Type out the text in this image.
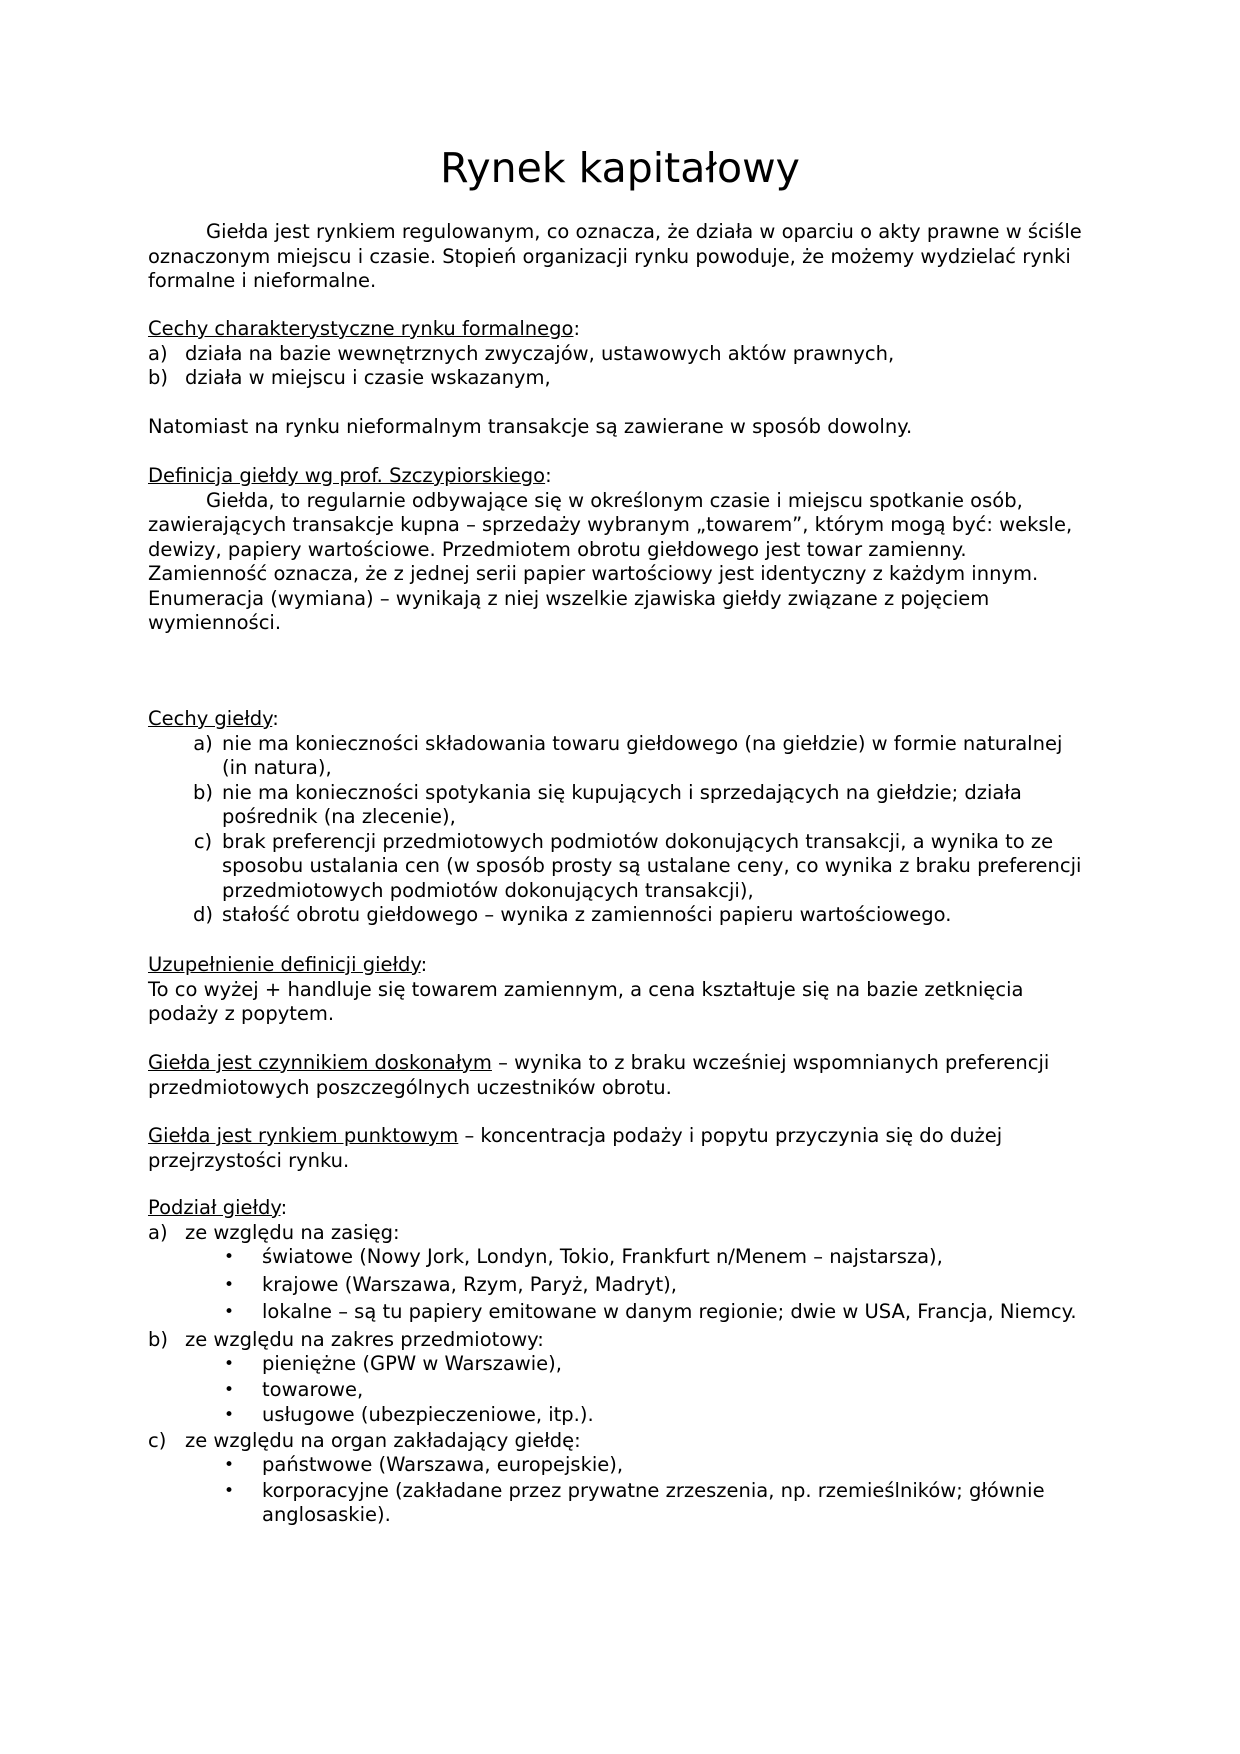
Rynek kapitałowy

Giełda jest rynkiem regulowanym, co oznacza, że działa w oparciu o akty prawne w ściśle oznaczonym miejscu i czasie. Stopień organizacji rynku powoduje, że możemy wydzielać rynki formalne i nieformalne.

Cechy charakterystyczne rynku formalnego:

a) działa na bazie wewnętrznych zwyczajów, ustawowych aktów prawnych,
b) działa w miejscu i czasie wskazanym,

Natomiast na rynku nieformalnym transakcje są zawierane w sposób dowolny.

Definicja giełdy wg prof. Szczypiorskiego:

Giełda, to regularnie odbywające się w określonym czasie i miejscu spotkanie osób, zawierających transakcje kupna – sprzedaży wybranym „towarem”, którym mogą być: weksle, dewizy, papiery wartościowe. Przedmiotem obrotu giełdowego jest towar zamienny.

Zamienność oznacza, że z jednej serii papier wartościowy jest identyczny z każdym innym.

Enumeracja (wymiana) – wynikają z niej wszelkie zjawiska giełdy związane z pojęciem wymienności.

Cechy giełdy:

a) nie ma konieczności składowania towaru giełdowego (na giełdzie) w formie naturalnej (in natura),
b) nie ma konieczności spotykania się kupujących i sprzedających na giełdzie; działa pośrednik (na zlecenie),
c) brak preferencji przedmiotowych podmiotów dokonujących transakcji, a wynika to ze sposobu ustalania cen (w sposób prosty są ustalane ceny, co wynika z braku preferencji przedmiotowych podmiotów dokonujących transakcji),
d) stałość obrotu giełdowego – wynika z zamienności papieru wartościowego.

Uzupełnienie definicji giełdy:

To co wyżej + handluje się towarem zamiennym, a cena kształtuje się na bazie zetknięcia podaży z popytem.

Giełda jest czynnikiem doskonałym – wynika to z braku wcześniej wspomnianych preferencji przedmiotowych poszczególnych uczestników obrotu.

Giełda jest rynkiem punktowym – koncentracja podaży i popytu przyczynia się do dużej przejrzystości rynku.

Podział giełdy:

a) ze względu na zasięg:
•	światowe (Nowy Jork, Londyn, Tokio, Frankfurt n/Menem – najstarsza),
•	krajowe (Warszawa, Rzym, Paryż, Madryt),
•	lokalne – są tu papiery emitowane w danym regionie; dwie w USA, Francja, Niemcy.
b) ze względu na zakres przedmiotowy:
•	pieniężne (GPW w Warszawie),
•	towarowe,
•	usługowe (ubezpieczeniowe, itp.).
c) ze względu na organ zakładający giełdę:
•	państwowe (Warszawa, europejskie),
•	korporacyjne (zakładane przez prywatne zrzeszenia, np. rzemieślników; głównie anglosaskie).
